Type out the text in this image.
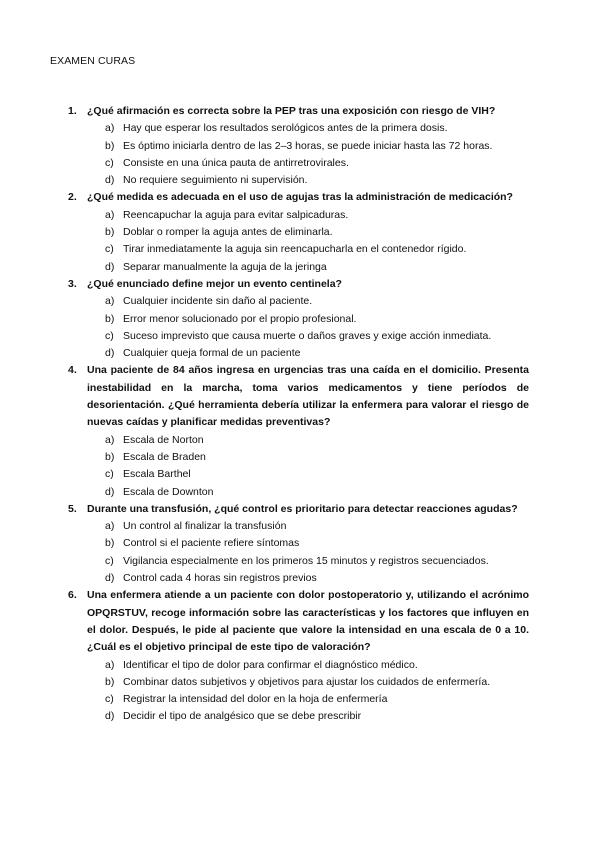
EXAMEN CURAS
1. ¿Qué afirmación es correcta sobre la PEP tras una exposición con riesgo de VIH?
a) Hay que esperar los resultados serológicos antes de la primera dosis.
b) Es óptimo iniciarla dentro de las 2–3 horas, se puede iniciar hasta las 72 horas.
c) Consiste en una única pauta de antirretrovirales.
d) No requiere seguimiento ni supervisión.
2. ¿Qué medida es adecuada en el uso de agujas tras la administración de medicación?
a) Reencapuchar la aguja para evitar salpicaduras.
b) Doblar o romper la aguja antes de eliminarla.
c) Tirar inmediatamente la aguja sin reencapucharla en el contenedor rígido.
d) Separar manualmente la aguja de la jeringa
3. ¿Qué enunciado define mejor un evento centinela?
a) Cualquier incidente sin daño al paciente.
b) Error menor solucionado por el propio profesional.
c) Suceso imprevisto que causa muerte o daños graves y exige acción inmediata.
d) Cualquier queja formal de un paciente
4. Una paciente de 84 años ingresa en urgencias tras una caída en el domicilio. Presenta inestabilidad en la marcha, toma varios medicamentos y tiene períodos de desorientación. ¿Qué herramienta debería utilizar la enfermera para valorar el riesgo de nuevas caídas y planificar medidas preventivas?
a) Escala de Norton
b) Escala de Braden
c) Escala Barthel
d) Escala de Downton
5. Durante una transfusión, ¿qué control es prioritario para detectar reacciones agudas?
a) Un control al finalizar la transfusión
b) Control si el paciente refiere síntomas
c) Vigilancia especialmente en los primeros 15 minutos y registros secuenciados.
d) Control cada 4 horas sin registros previos
6. Una enfermera atiende a un paciente con dolor postoperatorio y, utilizando el acrónimo OPQRSTUV, recoge información sobre las características y los factores que influyen en el dolor. Después, le pide al paciente que valore la intensidad en una escala de 0 a 10. ¿Cuál es el objetivo principal de este tipo de valoración?
a) Identificar el tipo de dolor para confirmar el diagnóstico médico.
b) Combinar datos subjetivos y objetivos para ajustar los cuidados de enfermería.
c) Registrar la intensidad del dolor en la hoja de enfermería
d) Decidir el tipo de analgésico que se debe prescribir
